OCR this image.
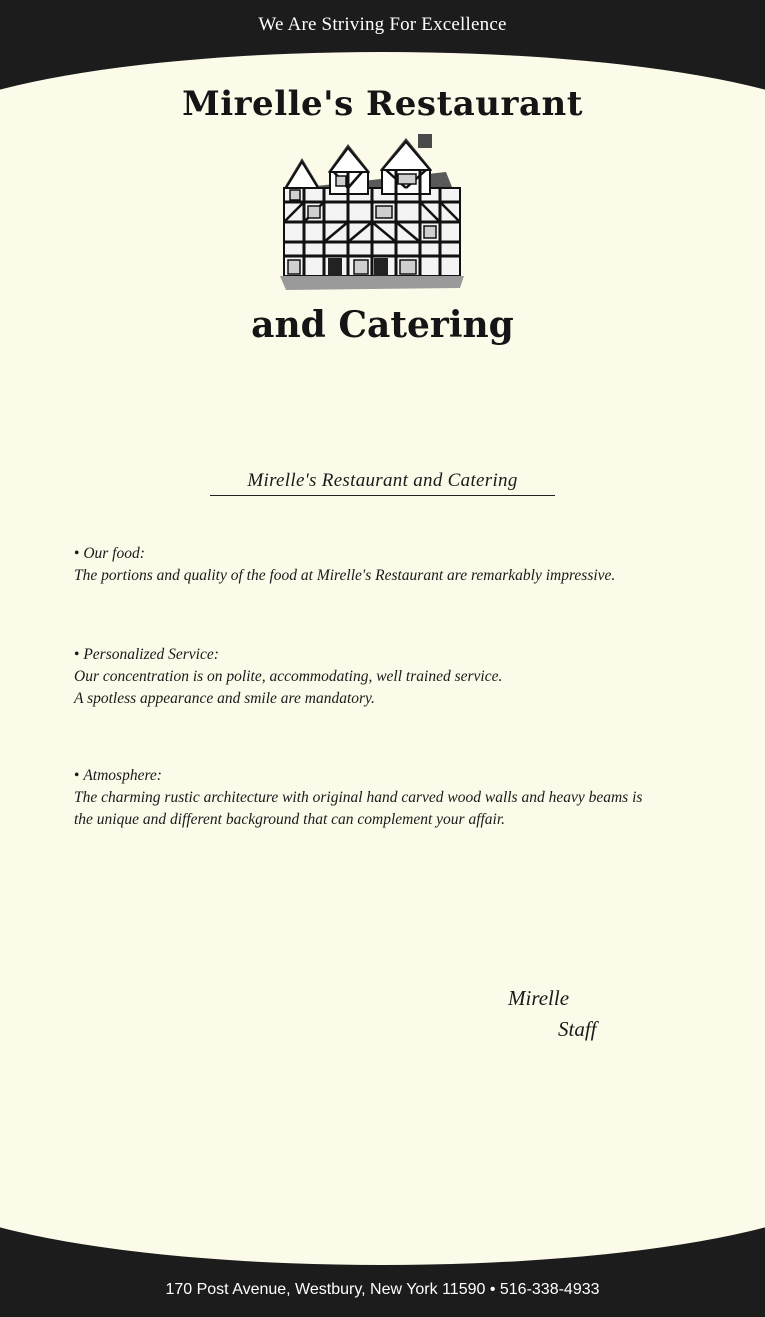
We Are Striving For Excellence
Mirelle's Restaurant
and Catering
Mirelle's Restaurant and Catering
• Our food:
The portions and quality of the food at Mirelle's Restaurant are remarkably impressive.
• Personalized Service:
Our concentration is on polite, accommodating, well trained service.
A spotless appearance and smile are mandatory.
• Atmosphere:
The charming rustic architecture with original hand carved wood walls and heavy beams is
the unique and different background that can complement your affair.
Mirelle
Staff
170 Post Avenue, Westbury, New York 11590 • 516-338-4933
